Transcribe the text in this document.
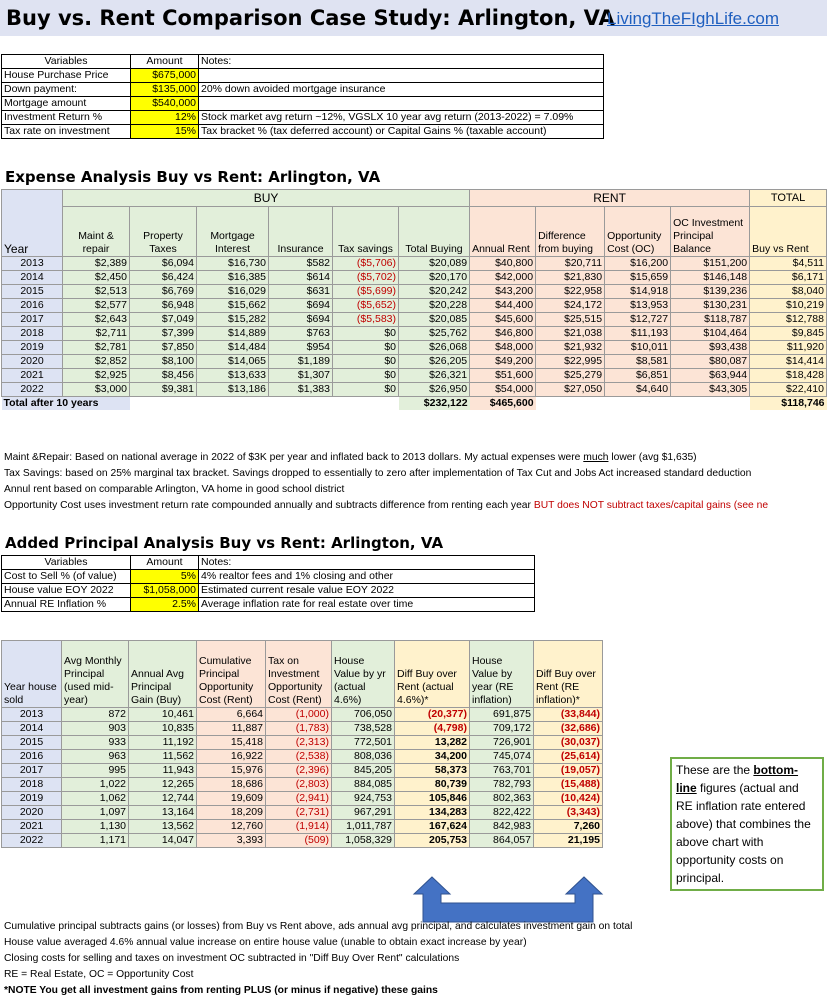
Buy vs. Rent Comparison Case Study: Arlington, VA
LivingTheFIghLife.com
Variables	Amount	Notes:
House Purchase Price	$675,000	
Down payment:	$135,000	20% down avoided mortgage insurance
Mortgage amount	$540,000	
Investment Return %	12%	Stock market avg return ~12%, VGSLX 10 year avg return (2013-2022) = 7.09%
Tax rate on investment	15%	Tax bracket % (tax deferred account) or Capital Gains % (taxable account)
Expense Analysis Buy vs Rent: Arlington, VA
Year	BUY						RENT				TOTAL
	Maint & repair	Property Taxes	Mortgage Interest	Insurance	Tax savings	Total Buying	Annual Rent	Difference from buying	Opportunity Cost (OC)	OC Investment Principal Balance	Buy vs Rent
2013	$2,389	$6,094	$16,730	$582	($5,706)	$20,089	$40,800	$20,711	$16,200	$151,200	$4,511
2014	$2,450	$6,424	$16,385	$614	($5,702)	$20,170	$42,000	$21,830	$15,659	$146,148	$6,171
2015	$2,513	$6,769	$16,029	$631	($5,699)	$20,242	$43,200	$22,958	$14,918	$139,236	$8,040
2016	$2,577	$6,948	$15,662	$694	($5,652)	$20,228	$44,400	$24,172	$13,953	$130,231	$10,219
2017	$2,643	$7,049	$15,282	$694	($5,583)	$20,085	$45,600	$25,515	$12,727	$118,787	$12,788
2018	$2,711	$7,399	$14,889	$763	$0	$25,762	$46,800	$21,038	$11,193	$104,464	$9,845
2019	$2,781	$7,850	$14,484	$954	$0	$26,068	$48,000	$21,932	$10,011	$93,438	$11,920
2020	$2,852	$8,100	$14,065	$1,189	$0	$26,205	$49,200	$22,995	$8,581	$80,087	$14,414
2021	$2,925	$8,456	$13,633	$1,307	$0	$26,321	$51,600	$25,279	$6,851	$63,944	$18,428
2022	$3,000	$9,381	$13,186	$1,383	$0	$26,950	$54,000	$27,050	$4,640	$43,305	$22,410
Total after 10 years						$232,122	$465,600				$118,746
Maint &Repair: Based on national average in 2022 of $3K per year and inflated back to 2013 dollars. My actual expenses were much lower (avg $1,635)
Tax Savings: based on 25% marginal tax bracket. Savings dropped to essentially to zero after implementation of Tax Cut and Jobs Act increased standard deduction
Annul rent based on comparable Arlington, VA home in good school district
Opportunity Cost uses investment return rate compounded annually and subtracts difference from renting each year BUT does NOT subtract taxes/capital gains (see ne
Added Principal Analysis Buy vs Rent: Arlington, VA
Variables	Amount	Notes:
Cost to Sell % (of value)	5%	4% realtor fees and 1% closing and other
House value EOY 2022	$1,058,000	Estimated current resale value EOY 2022
Annual RE Inflation %	2.5%	Average inflation rate for real estate over time
Year house sold	Avg Monthly Principal (used mid-year)	Annual Avg Principal Gain (Buy)	Cumulative Principal Opportunity Cost (Rent)	Tax on Investment Opportunity Cost (Rent)	House Value by yr (actual 4.6%)	Diff Buy over Rent (actual 4.6%)*	House Value by year (RE inflation)	Diff Buy over Rent (RE inflation)*
2013	872	10,461	6,664	(1,000)	706,050	(20,377)	691,875	(33,844)
2014	903	10,835	11,887	(1,783)	738,528	(4,798)	709,172	(32,686)
2015	933	11,192	15,418	(2,313)	772,501	13,282	726,901	(30,037)
2016	963	11,562	16,922	(2,538)	808,036	34,200	745,074	(25,614)
2017	995	11,943	15,976	(2,396)	845,205	58,373	763,701	(19,057)
2018	1,022	12,265	18,686	(2,803)	884,085	80,739	782,793	(15,488)
2019	1,062	12,744	19,609	(2,941)	924,753	105,846	802,363	(10,424)
2020	1,097	13,164	18,209	(2,731)	967,291	134,283	822,422	(3,343)
2021	1,130	13,562	12,760	(1,914)	1,011,787	167,624	842,983	7,260
2022	1,171	14,047	3,393	(509)	1,058,329	205,753	864,057	21,195
These are the bottom-line figures (actual and RE inflation rate entered above) that combines the above chart with opportunity costs on principal.
Cumulative principal subtracts gains (or losses) from Buy vs Rent above, ads annual avg principal, and calculates investment gain on total
House value averaged 4.6% annual value increase on entire house value (unable to obtain exact increase by year)
Closing costs for selling and taxes on investment OC subtracted in "Diff Buy Over Rent" calculations
RE = Real Estate, OC = Opportunity Cost
*NOTE You get all investment gains from renting PLUS (or minus if negative) these gains
